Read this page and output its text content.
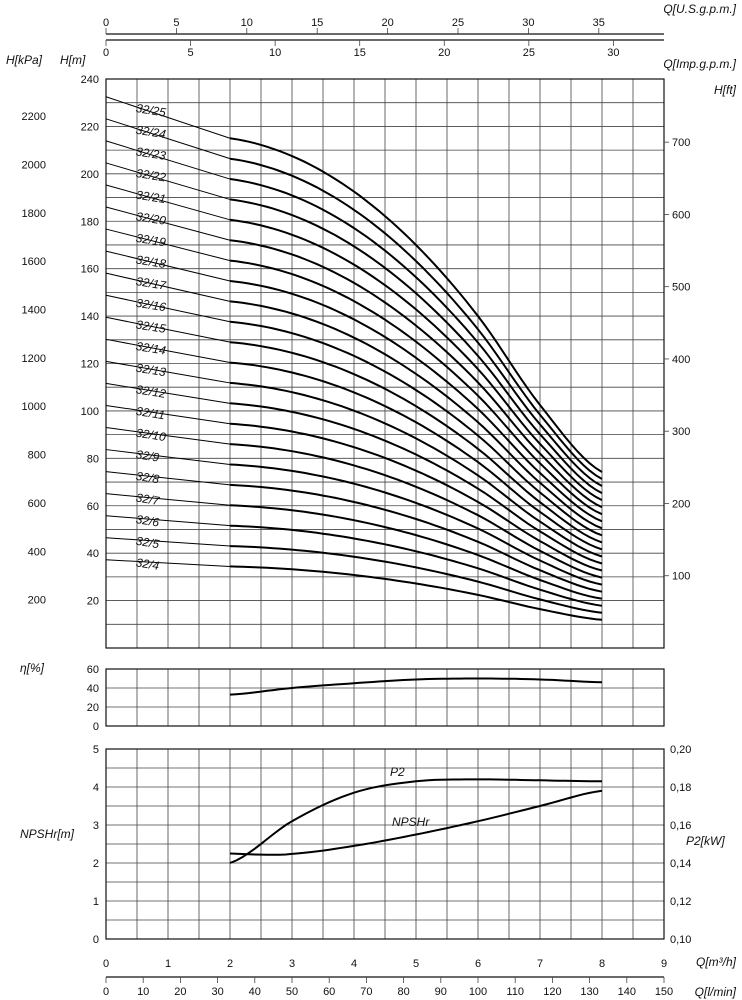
0	5	10	15	20	25	30	35
0	5	10	15	20	25	30
Q[U.S.g.p.m.]
Q[Imp.g.p.m.]
H[kPa] H[m]
20
40
60
80
100
120
140
160
180
200
220
240
200
400
600
800
1000
1200
1400
1600
1800
2000
2200
H[ft]
100
200
300
400
500
600
700
32/4
32/5
32/6
32/7
32/8
32/9
32/10
32/11
32/12
32/13
32/14
32/15
32/16
32/17
32/18
32/19
32/20
32/21
32/22
32/23
32/24
32/25
η[%]
0
20
40
60
NPSHr[m]
0
1
2
3
4
5
0,10
0,12
0,14
0,16
0,18
0,20
P2[kW]
P2
NPSHr
0	1	2	3	4	5	6	7	8	9 Q[m³/h]
0	10 20 30 40 50 60 70 80 90 100 110 120 130 140 150 Q[l/min]
